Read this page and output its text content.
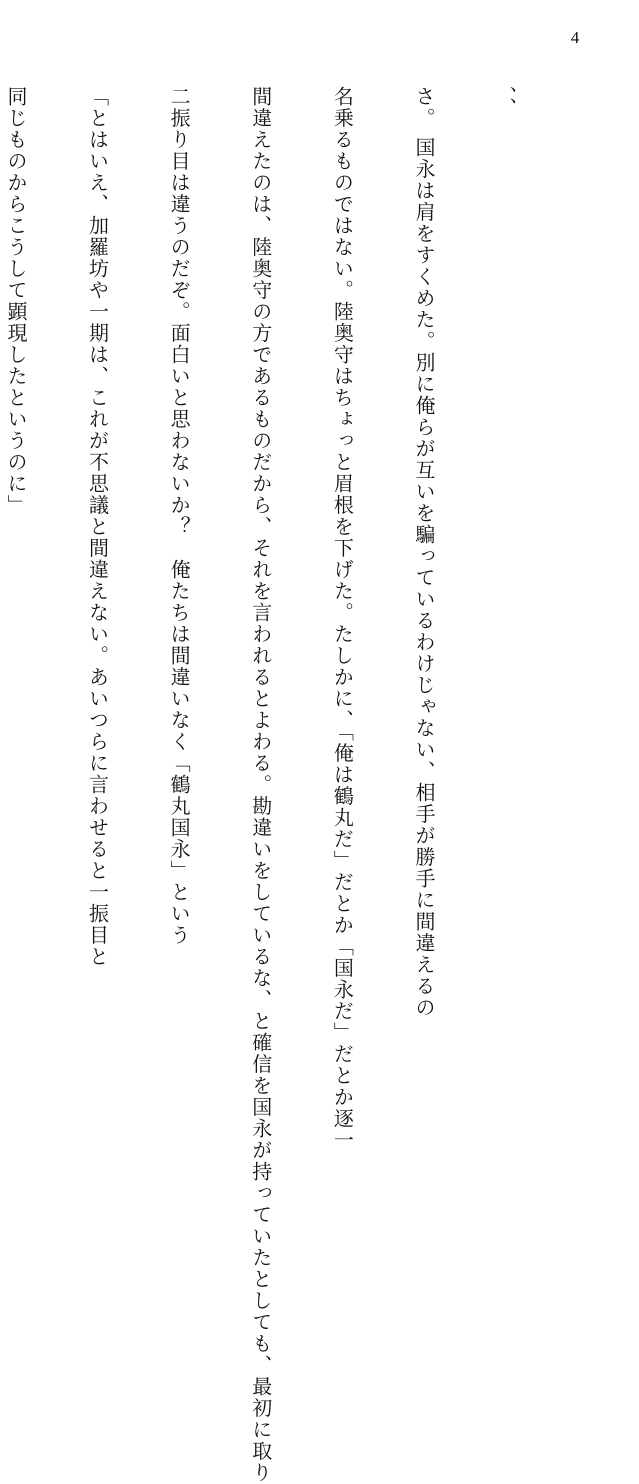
4

、、

さ。 国永は肩をすくめた。別に俺らが互いを騙っているわけじゃない、相手が勝手に間違えるの

名乗るものではない。陸奥守はちょっと眉根を下げた。たしかに、「俺は鶴丸だ」だとか「国永だ」だとか逐一

間違えたのは、陸奥守の方であるものだから、それを言われるとよわる。勘違いをしているな、と確信を国永が持っていたとしても、最初に取り

二振り目は違うのだぞ。面白いと思わないか？　俺たちは間違いなく「鶴丸国永」という

「とはいえ、加羅坊や一期は、これが不思議と間違えない。あいつらに言わせると一振目と

同じものからこうして顕現したというのに」
